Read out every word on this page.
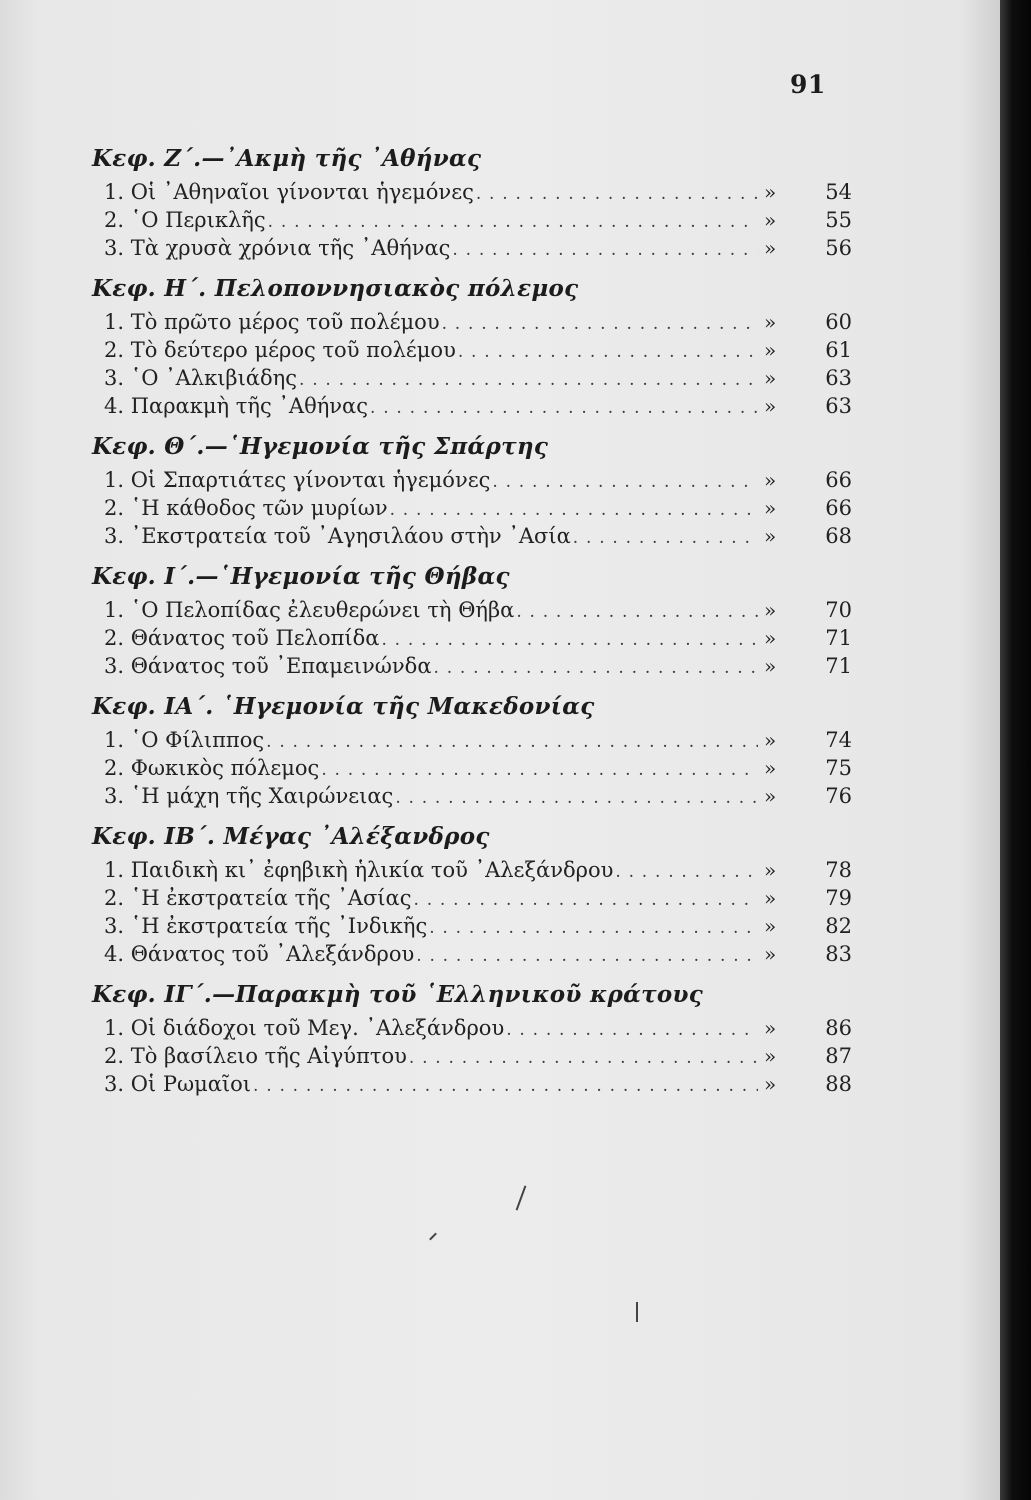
91
Κεφ. Ζ΄.—᾿Ακμὴ τῆς ᾿Αθήνας
1. Οἱ ᾿Αθηναῖοι γίνονται ἡγεμόνες . . .	»	54
2. ῾Ο Περικλῆς . . .	»	55
3. Τὰ χρυσὰ χρόνια τῆς ᾿Αθήνας . . .	»	56
Κεφ. Η΄. Πελοποννησιακὸς πόλεμος
1. Τὸ πρῶτο μέρος τοῦ πολέμου . . .	»	60
2. Τὸ δεύτερο μέρος τοῦ πολέμου . . .	»	61
3. ῾Ο ᾿Αλκιβιάδης . . .	»	63
4. Παρακμὴ τῆς ᾿Αθήνας . . .	»	63
Κεφ. Θ΄.—῾Ηγεμονία τῆς Σπάρτης
1. Οἱ Σπαρτιάτες γίνονται ἡγεμόνες . . .	»	66
2. ῾Η κάθοδος τῶν μυρίων . . .	»	66
3. ᾿Εκστρατεία τοῦ ᾿Αγησιλάου στὴν ᾿Ασία . . .	»	68
Κεφ. Ι΄.—῾Ηγεμονία τῆς Θήβας
1. ῾Ο Πελοπίδας ἐλευθερώνει τὴ Θήβα . . .	»	70
2. Θάνατος τοῦ Πελοπίδα . . .	»	71
3. Θάνατος τοῦ ᾿Επαμεινώνδα . . .	»	71
Κεφ. ΙΑ΄. ῾Ηγεμονία τῆς Μακεδονίας
1. ῾Ο Φίλιππος . . .	»	74
2. Φωκικὸς πόλεμος . . .	»	75
3. ῾Η μάχη τῆς Χαιρώνειας . . .	»	76
Κεφ. ΙΒ΄. Μέγας ᾿Αλέξανδρος
1. Παιδικὴ κι᾿ ἐφηβικὴ ἡλικία τοῦ ᾿Αλεξάνδρου . . .	»	78
2. ῾Η ἐκστρατεία τῆς ᾿Ασίας . . .	»	79
3. ῾Η ἐκστρατεία τῆς ᾿Ινδικῆς . . .	»	82
4. Θάνατος τοῦ ᾿Αλεξάνδρου . . .	»	83
Κεφ. ΙΓ΄.—Παρακμὴ τοῦ ῾Ελληνικοῦ κράτους
1. Οἱ διάδοχοι τοῦ Μεγ. ᾿Αλεξάνδρου . . .	»	86
2. Τὸ βασίλειο τῆς Αἰγύπτου . . .	»	87
3. Οἱ Ρωμαῖοι . . .	»	88
